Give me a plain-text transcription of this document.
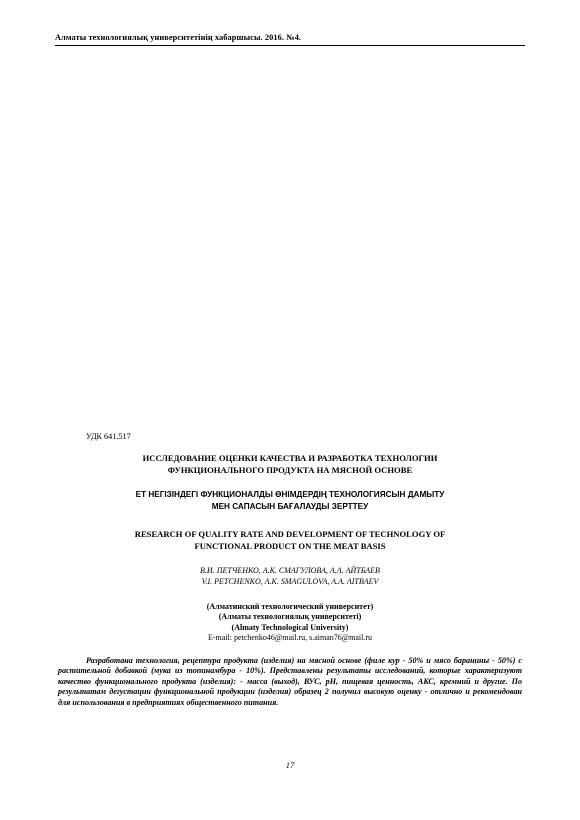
Алматы технологиялық университетінің хабаршысы. 2016. №4.
УДК 641.517
ИССЛЕДОВАНИЕ ОЦЕНКИ КАЧЕСТВА И РАЗРАБОТКА ТЕХНОЛОГИИ
ФУНКЦИОНАЛЬНОГО ПРОДУКТА НА МЯСНОЙ ОСНОВЕ
ЕТ НЕГІЗІНДЕГІ ФУНКЦИОНАЛДЫ ӨНІМДЕРДІҢ ТЕХНОЛОГИЯСЫН ДАМЫТУ
МЕН САПАСЫН БАҒАЛАУДЫ ЗЕРТТЕУ
RESEARCH OF QUALITY RATE AND DEVELOPMENT OF TECHNOLOGY OF
FUNCTIONAL PRODUCT ON THE MEAT BASIS
В.И. ПЕТЧЕНКО, А.К. СМАГУЛОВА, А.А. АЙТБАЕВ
V.I. PETCHENKO, A.K. SMAGULOVA, A.A. AITBAEV
(Алматинский технологический университет)
(Алматы технологиялық университеті)
(Almaty Technological University)
E-mail: petchenko46@mail.ru, s.aiman76@mail.ru
Разработана технология, рецептура продукта (изделия) на мясной основе (филе кур - 50% и мясо баранины - 50%) с растительной добавкой (мука из топинамбура - 10%). Представлены результаты исследований, которые характеризуют качество функционального продукта (изделия): - масса (выход), ВУС, pH, пищевая ценность, АКС, кремний и другие. По результатам дегустации функциональной продукции (изделия) образец 2 получил высокую оценку - отлично и рекомендован для использования в предприятиях общественного питания.
17
